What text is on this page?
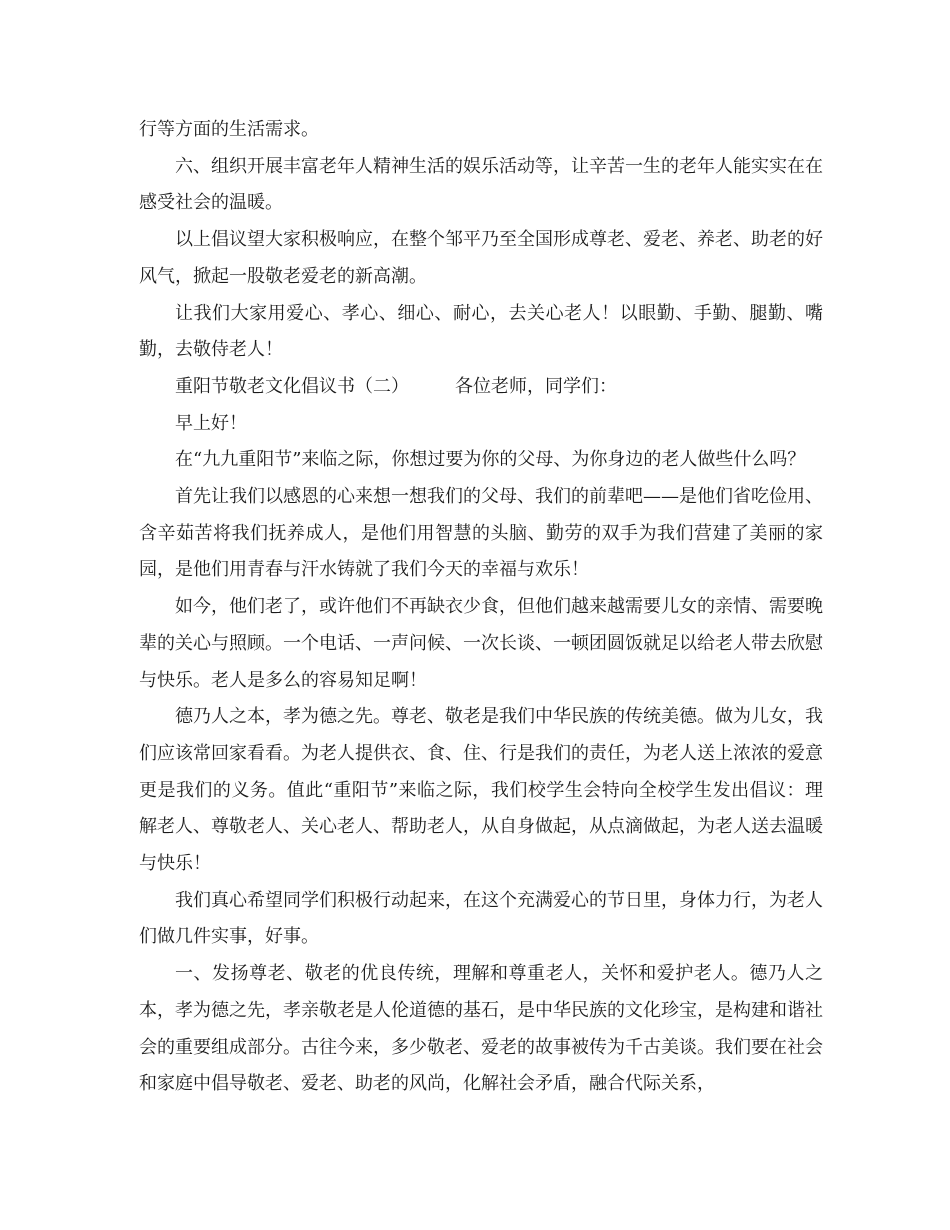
行等方面的生活需求。

六、组织开展丰富老年人精神生活的娱乐活动等，让辛苦一生的老年人能实实在在感受社会的温暖。

以上倡议望大家积极响应，在整个邹平乃至全国形成尊老、爱老、养老、助老的好风气，掀起一股敬老爱老的新高潮。

让我们大家用爱心、孝心、细心、耐心，去关心老人！以眼勤、手勤、腿勤、嘴勤，去敬侍老人！

重阳节敬老文化倡议书（二）	各位老师，同学们：

早上好！

在“九九重阳节”来临之际，你想过要为你的父母、为你身边的老人做些什么吗？

首先让我们以感恩的心来想一想我们的父母、我们的前辈吧——是他们省吃俭用、含辛茹苦将我们抚养成人，是他们用智慧的头脑、勤劳的双手为我们营建了美丽的家园，是他们用青春与汗水铸就了我们今天的幸福与欢乐！

如今，他们老了，或许他们不再缺衣少食，但他们越来越需要儿女的亲情、需要晚辈的关心与照顾。一个电话、一声问候、一次长谈、一顿团圆饭就足以给老人带去欣慰与快乐。老人是多么的容易知足啊！

德乃人之本，孝为德之先。尊老、敬老是我们中华民族的传统美德。做为儿女，我们应该常回家看看。为老人提供衣、食、住、行是我们的责任，为老人送上浓浓的爱意更是我们的义务。值此“重阳节”来临之际，我们校学生会特向全校学生发出倡议：理解老人、尊敬老人、关心老人、帮助老人，从自身做起，从点滴做起，为老人送去温暖与快乐！

我们真心希望同学们积极行动起来，在这个充满爱心的节日里，身体力行，为老人们做几件实事，好事。

一、发扬尊老、敬老的优良传统，理解和尊重老人，关怀和爱护老人。德乃人之本，孝为德之先，孝亲敬老是人伦道德的基石，是中华民族的文化珍宝，是构建和谐社会的重要组成部分。古往今来，多少敬老、爱老的故事被传为千古美谈。我们要在社会和家庭中倡导敬老、爱老、助老的风尚，化解社会矛盾，融合代际关系，
